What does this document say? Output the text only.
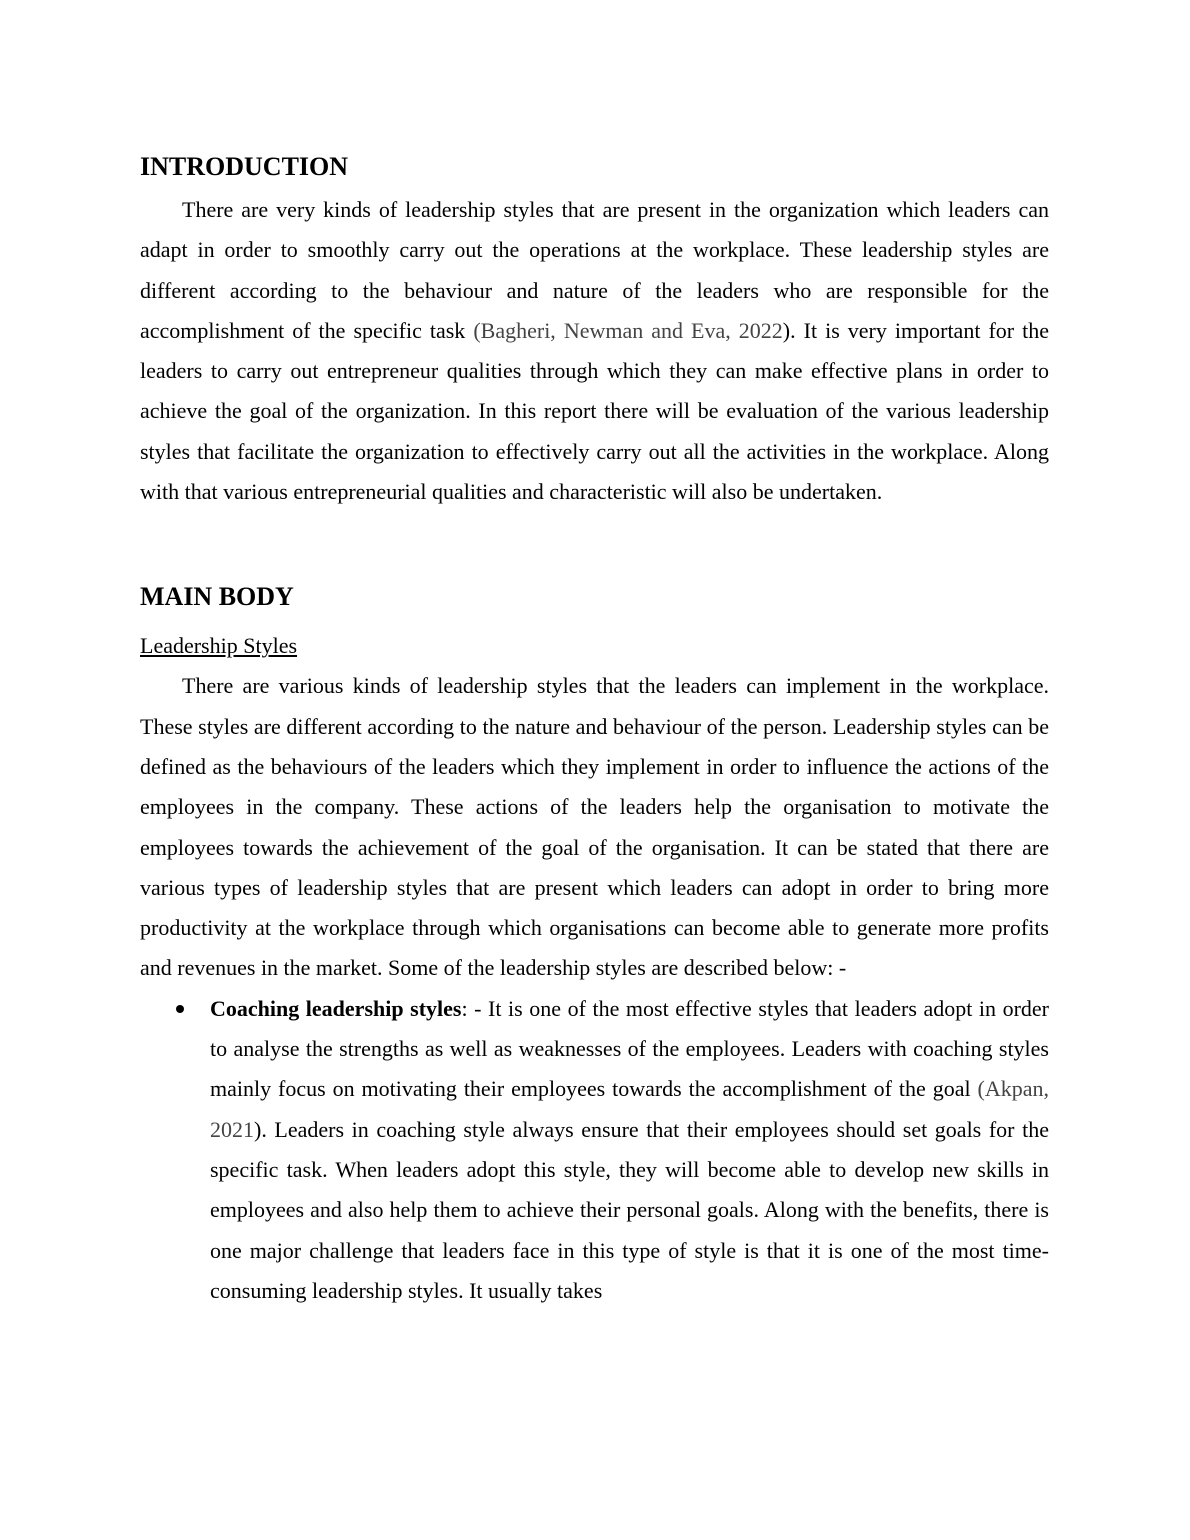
INTRODUCTION

There are very kinds of leadership styles that are present in the organization which leaders can adapt in order to smoothly carry out the operations at the workplace. These leadership styles are different according to the behaviour and nature of the leaders who are responsible for the accomplishment of the specific task (Bagheri, Newman and Eva, 2022). It is very important for the leaders to carry out entrepreneur qualities through which they can make effective plans in order to achieve the goal of the organization. In this report there will be evaluation of the various leadership styles that facilitate the organization to effectively carry out all the activities in the workplace. Along with that various entrepreneurial qualities and characteristic will also be undertaken.

MAIN BODY
Leadership Styles

There are various kinds of leadership styles that the leaders can implement in the workplace. These styles are different according to the nature and behaviour of the person. Leadership styles can be defined as the behaviours of the leaders which they implement in order to influence the actions of the employees in the company. These actions of the leaders help the organisation to motivate the employees towards the achievement of the goal of the organisation. It can be stated that there are various types of leadership styles that are present which leaders can adopt in order to bring more productivity at the workplace through which organisations can become able to generate more profits and revenues in the market. Some of the leadership styles are described below: -

Coaching leadership styles: - It is one of the most effective styles that leaders adopt in order to analyse the strengths as well as weaknesses of the employees. Leaders with coaching styles mainly focus on motivating their employees towards the accomplishment of the goal (Akpan, 2021). Leaders in coaching style always ensure that their employees should set goals for the specific task. When leaders adopt this style, they will become able to develop new skills in employees and also help them to achieve their personal goals. Along with the benefits, there is one major challenge that leaders face in this type of style is that it is one of the most time-consuming leadership styles. It usually takes
